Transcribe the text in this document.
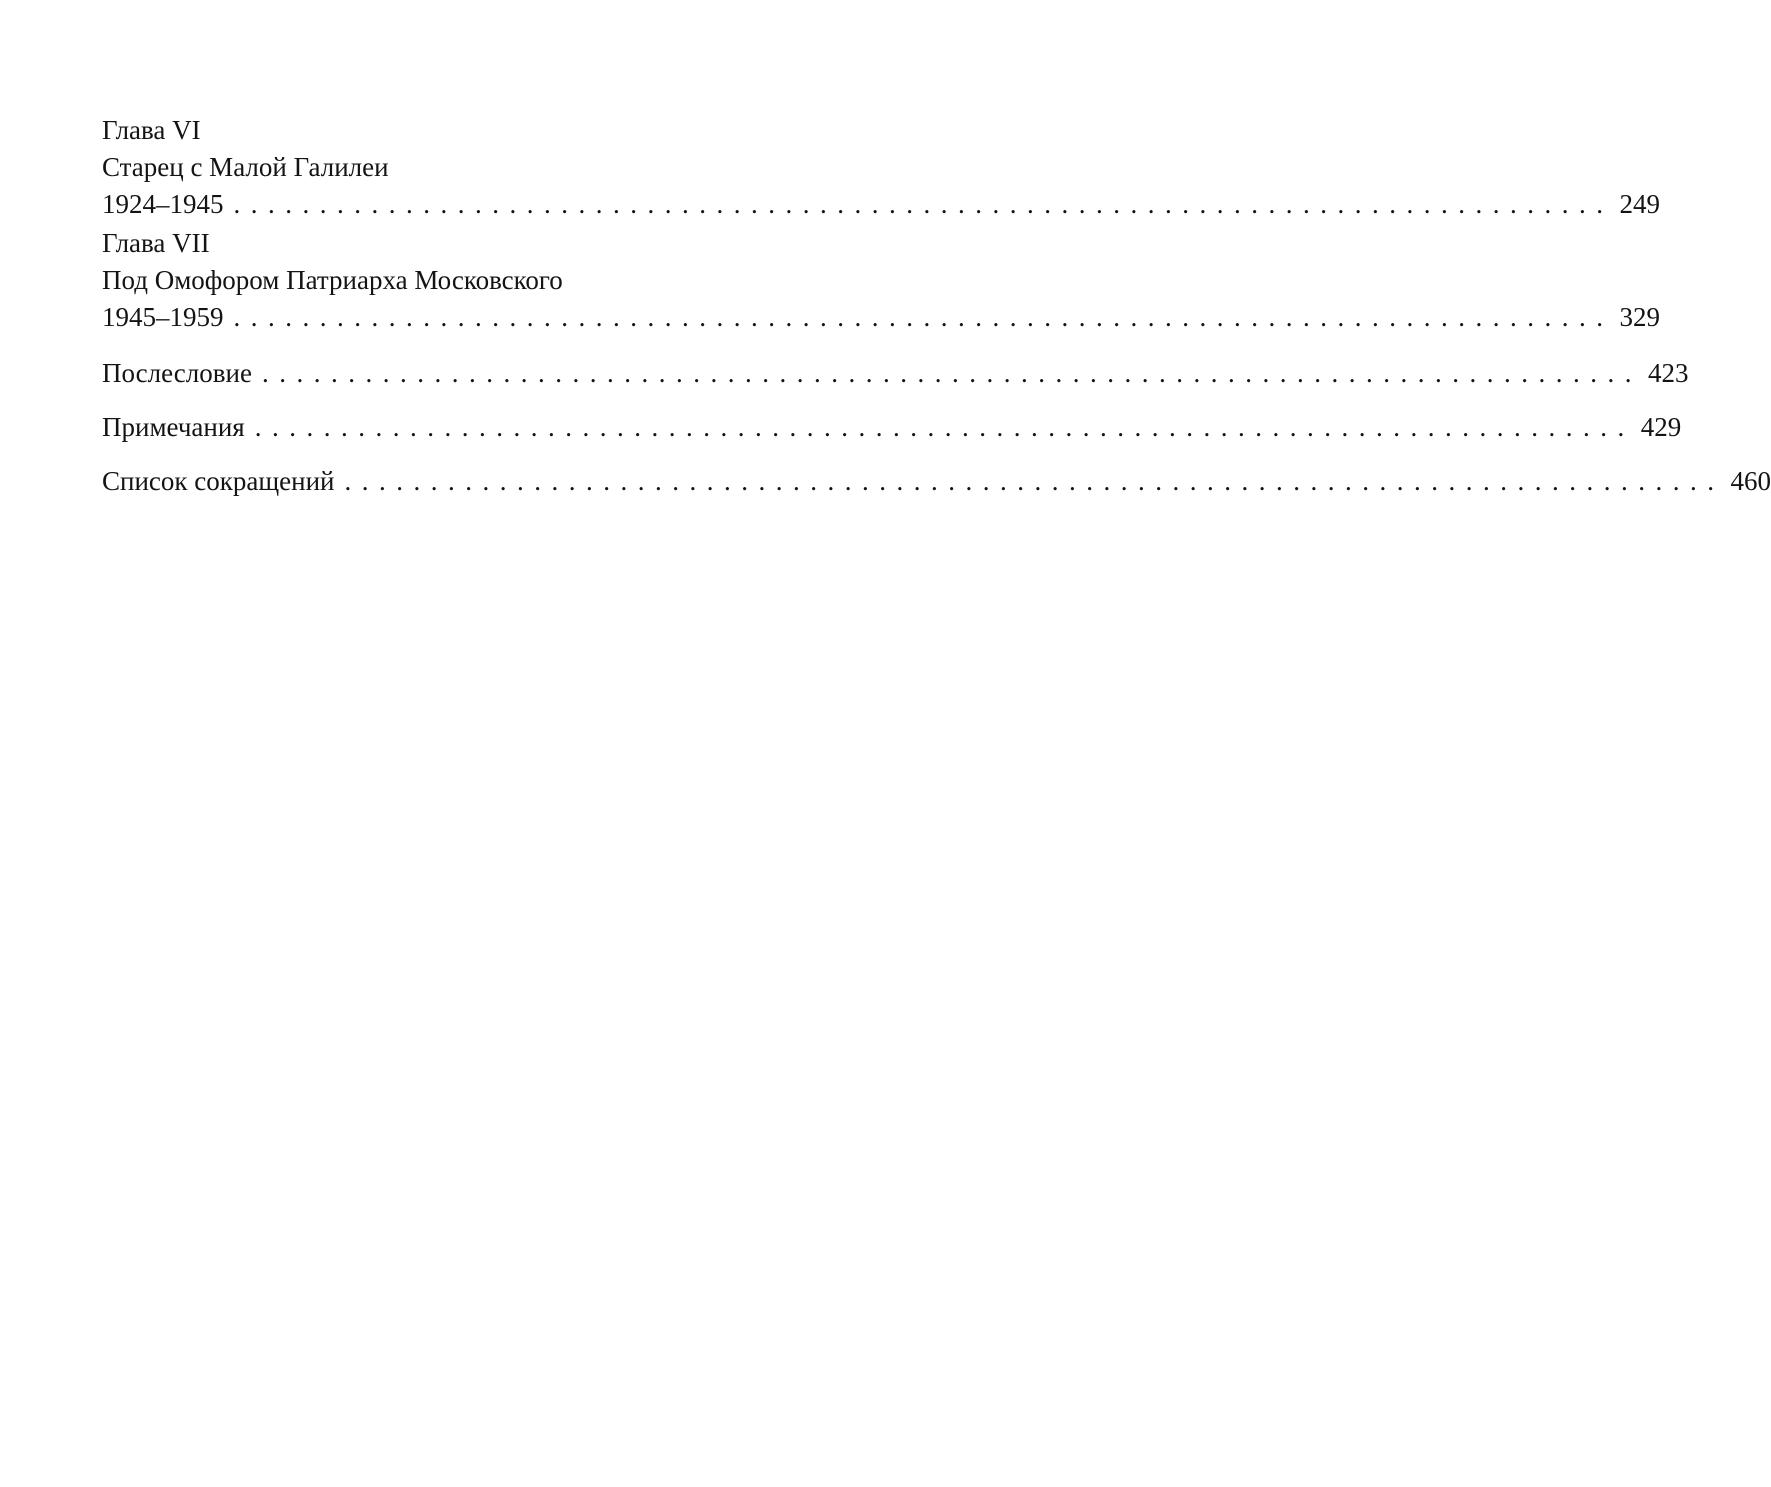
Глава VI
Старец с Малой Галилеи
1924–1945 ................................................................................ 249
Глава VII
Под Омофором Патриарха Московского
1945–1959 ................................................................................ 329
Послесловие ................................................................................ 423
Примечания ................................................................................ 429
Список сокращений ................................................................................ 460
